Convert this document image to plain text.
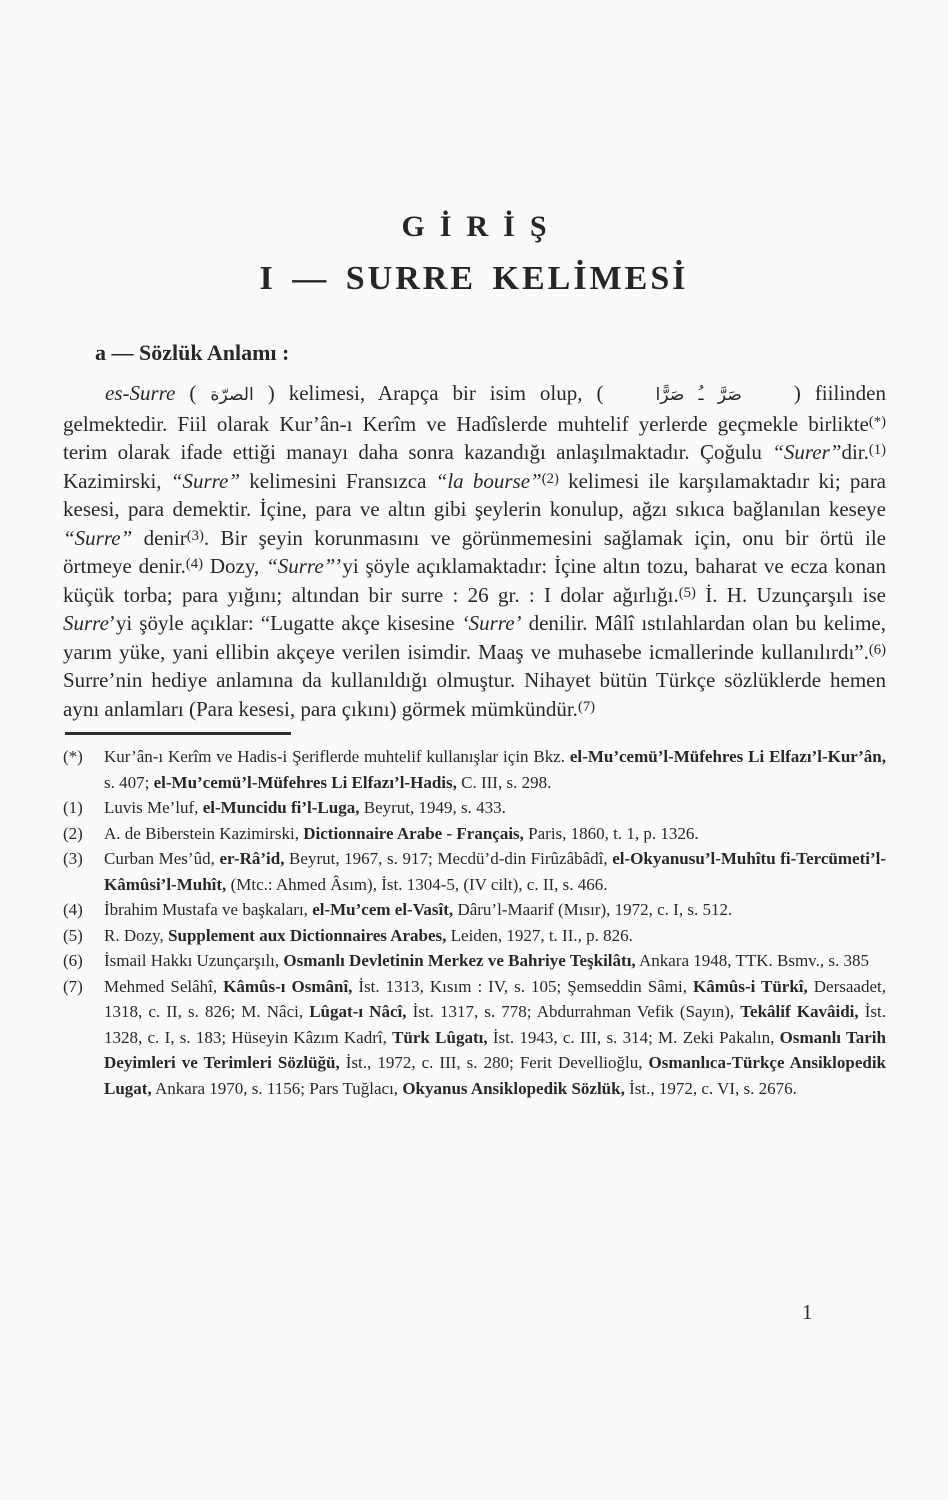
GİRİŞ
I — SURRE KELİMESİ
a — Sözlük Anlamı :
es-Surre ( الصرّة ) kelimesi, Arapça bir isim olup, (	صَرَّ ـُ صَرًّا ) fiilinden gelmektedir. Fiil olarak Kur’ân-ı Kerîm ve Hadîslerde muhtelif yerlerde geçmekle birlikte(*) terim olarak ifade ettiği manayı daha sonra kazandığı anlaşılmaktadır. Çoğulu “Surer”dir.$^{(1)}$ Kazimirski, “Surre” kelimesini Fransızca “la bourse”$^{(2)}$ kelimesi ile karşılamaktadır ki; para kesesi, para demektir. İçine, para ve altın gibi şeylerin konulup, ağzı sıkıca bağlanılan keseye “Surre” denir$^{(3)}$. Bir şeyin korunmasını ve görünmemesini sağlamak için, onu bir örtü ile örtmeye denir.$^{(4)}$ Dozy, “Surre”’yi şöyle açıklamaktadır: İçine altın tozu, baharat ve ecza konan küçük torba; para yığını; altından bir surre : 26 gr. : I dolar ağırlığı.$^{(5)}$ İ. H. Uzunçarşılı ise Surre’yi şöyle açıklar: “Lugatte akçe kisesine ‘Surre’ denilir. Mâlî ıstılahlardan olan bu kelime, yarım yüke, yani ellibin akçeye verilen isimdir. Maaş ve muhasebe icmallerinde kullanılırdı”.$^{(6)}$ Surre’nin hediye anlamına da kullanıldığı olmuştur. Nihayet bütün Türkçe sözlüklerde hemen aynı anlamları (Para kesesi, para çıkını) görmek mümkündür.$^{(7)}$
(*)	Kur’ân-ı Kerîm ve Hadis-i Şeriflerde muhtelif kullanışlar için Bkz. el-Mu’cemü’l-Müfehres Li Elfazı’l-Kur’ân, s. 407; el-Mu’cemü’l-Müfehres Li Elfazı’l-Hadis, C. III, s. 298.
(1)	Luvis Me’luf, el-Muncidu fi’l-Luga, Beyrut, 1949, s. 433.
(2)	A. de Biberstein Kazimirski, Dictionnaire Arabe - Français, Paris, 1860, t. 1, p. 1326.
(3)	Curban Mes’ûd, er-Râ’id, Beyrut, 1967, s. 917; Mecdü’d-din Firûzâbâdî, el-Okyanusu’l-Muhîtu fi-Tercümeti’l-Kâmûsi’l-Muhît, (Mtc.: Ahmed Âsım), İst. 1304-5, (IV cilt), c. II, s. 466.
(4)	İbrahim Mustafa ve başkaları, el-Mu’cem el-Vasît, Dâru’l-Maarif (Mısır), 1972, c. I, s. 512.
(5)	R. Dozy, Supplement aux Dictionnaires Arabes, Leiden, 1927, t. II., p. 826.
(6)	İsmail Hakkı Uzunçarşılı, Osmanlı Devletinin Merkez ve Bahriye Teşkilâtı, Ankara 1948, TTK. Bsmv., s. 385
(7)	Mehmed Selâhî, Kâmûs-ı Osmânî, İst. 1313, Kısım : IV, s. 105; Şemseddin Sâmi, Kâmûs-i Türkî, Dersaadet, 1318, c. II, s. 826; M. Nâci, Lûgat-ı Nâcî, İst. 1317, s. 778; Abdurrahman Vefik (Sayın), Tekâlif Kavâidi, İst. 1328, c. I, s. 183; Hüseyin Kâzım Kadrî, Türk Lûgatı, İst. 1943, c. III, s. 314; M. Zeki Pakalın, Osmanlı Tarih Deyimleri ve Terimleri Sözlüğü, İst., 1972, c. III, s. 280; Ferit Devellioğlu, Osmanlıca-Türkçe Ansiklopedik Lugat, Ankara 1970, s. 1156; Pars Tuğlacı, Okyanus Ansiklopedik Sözlük, İst., 1972, c. VI, s. 2676.
1
